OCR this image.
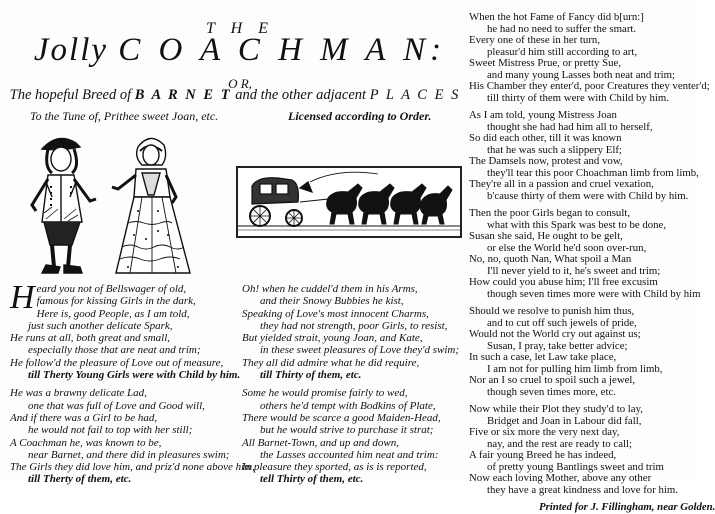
T H E
Jolly C O A C H M A N:
O R,
The hopeful Breed of B A R N E T and the other adjacent P L A C E S
To the Tune of, Prithee sweet Joan, etc.	Licensed according to Order.
H eard you not of Bellswager of old,
famous for kissing Girls in the dark,
Here is, good People, as I am told,
just such another delicate Spark,
He runs at all, both great and small,
especially those that are neat and trim;
He follow'd the pleasure of Love out of measure,
till Therty Young Girls were with Child by him.
He was a brawny delicate Lad,
one that was full of Love and Good will,
And if there was a Girl to be had,
he would not fail to top with her still;
A Coachman he, was known to be,
near Barnet, and there did in pleasures swim;
The Girls they did love him, and priz'd none above him,
till Therty of them, etc.
Oh! when he cuddel'd them in his Arms,
and their Snowy Bubbies he kist,
Speaking of Love's most innocent Charms,
they had not strength, poor Girls, to resist,
But yielded strait, young Joan, and Kate,
in these sweet pleasures of Love they'd swim;
They all did admire what he did require,
till Thirty of them, etc.
Some he would promise fairly to wed,
others he'd tempt with Bodkins of Plate,
There would be scarce a good Maiden-Head,
but he would strive to purchase it strat;
All Barnet-Town, and up and down,
the Lasses accounted him neat and trim:
In pleasure they sported, as is is reported,
tell Thirty of them, etc.
When the hot Fame of Fancy did b[urn:]
he had no need to suffer the smart.
Every one of these in her turn,
pleasur'd him still according to art,
Sweet Mistress Prue, or pretty Sue,
and many young Lasses both neat and trim;
His Chamber they enter'd, poor Creatures they venter'd;
till thirty of them were with Child by him.
As I am told, young Mistress Joan
thought she had had him all to herself,
So did each other, till it was known
that he was such a slippery Elf;
The Damsels now, protest and vow,
they'll tear this poor Choachman limb from limb,
They're all in a passion and cruel vexation,
b'cause thirty of them were with Child by him.
Then the poor Girls began to consult,
what with this Spark was best to be done,
Susan she said, He ought to be gelt,
or else the World he'd soon over-run,
No, no, quoth Nan, What spoil a Man
I'll never yield to it, he's sweet and trim;
How could you abuse him; I'll free excusim
though seven times more were with Child by him
Should we resolve to punish him thus,
and to cut off such jewels of pride,
Would not the World cry out against us;
Susan, I pray, take better advice;
In such a case, let Law take place,
I am not for pulling him limb from limb,
Nor an I so cruel to spoil such a jewel,
though seven times more, etc.
Now while their Plot they study'd to lay,
Bridget and Joan in Labour did fall,
Five or six more the very next day,
nay, and the rest are ready to call;
A fair young Breed he has indeed,
of pretty young Bantlings sweet and trim
Now each loving Mother, above any other
they have a great kindness and love for him.
Printed for J. Fillingham, near Golden.
